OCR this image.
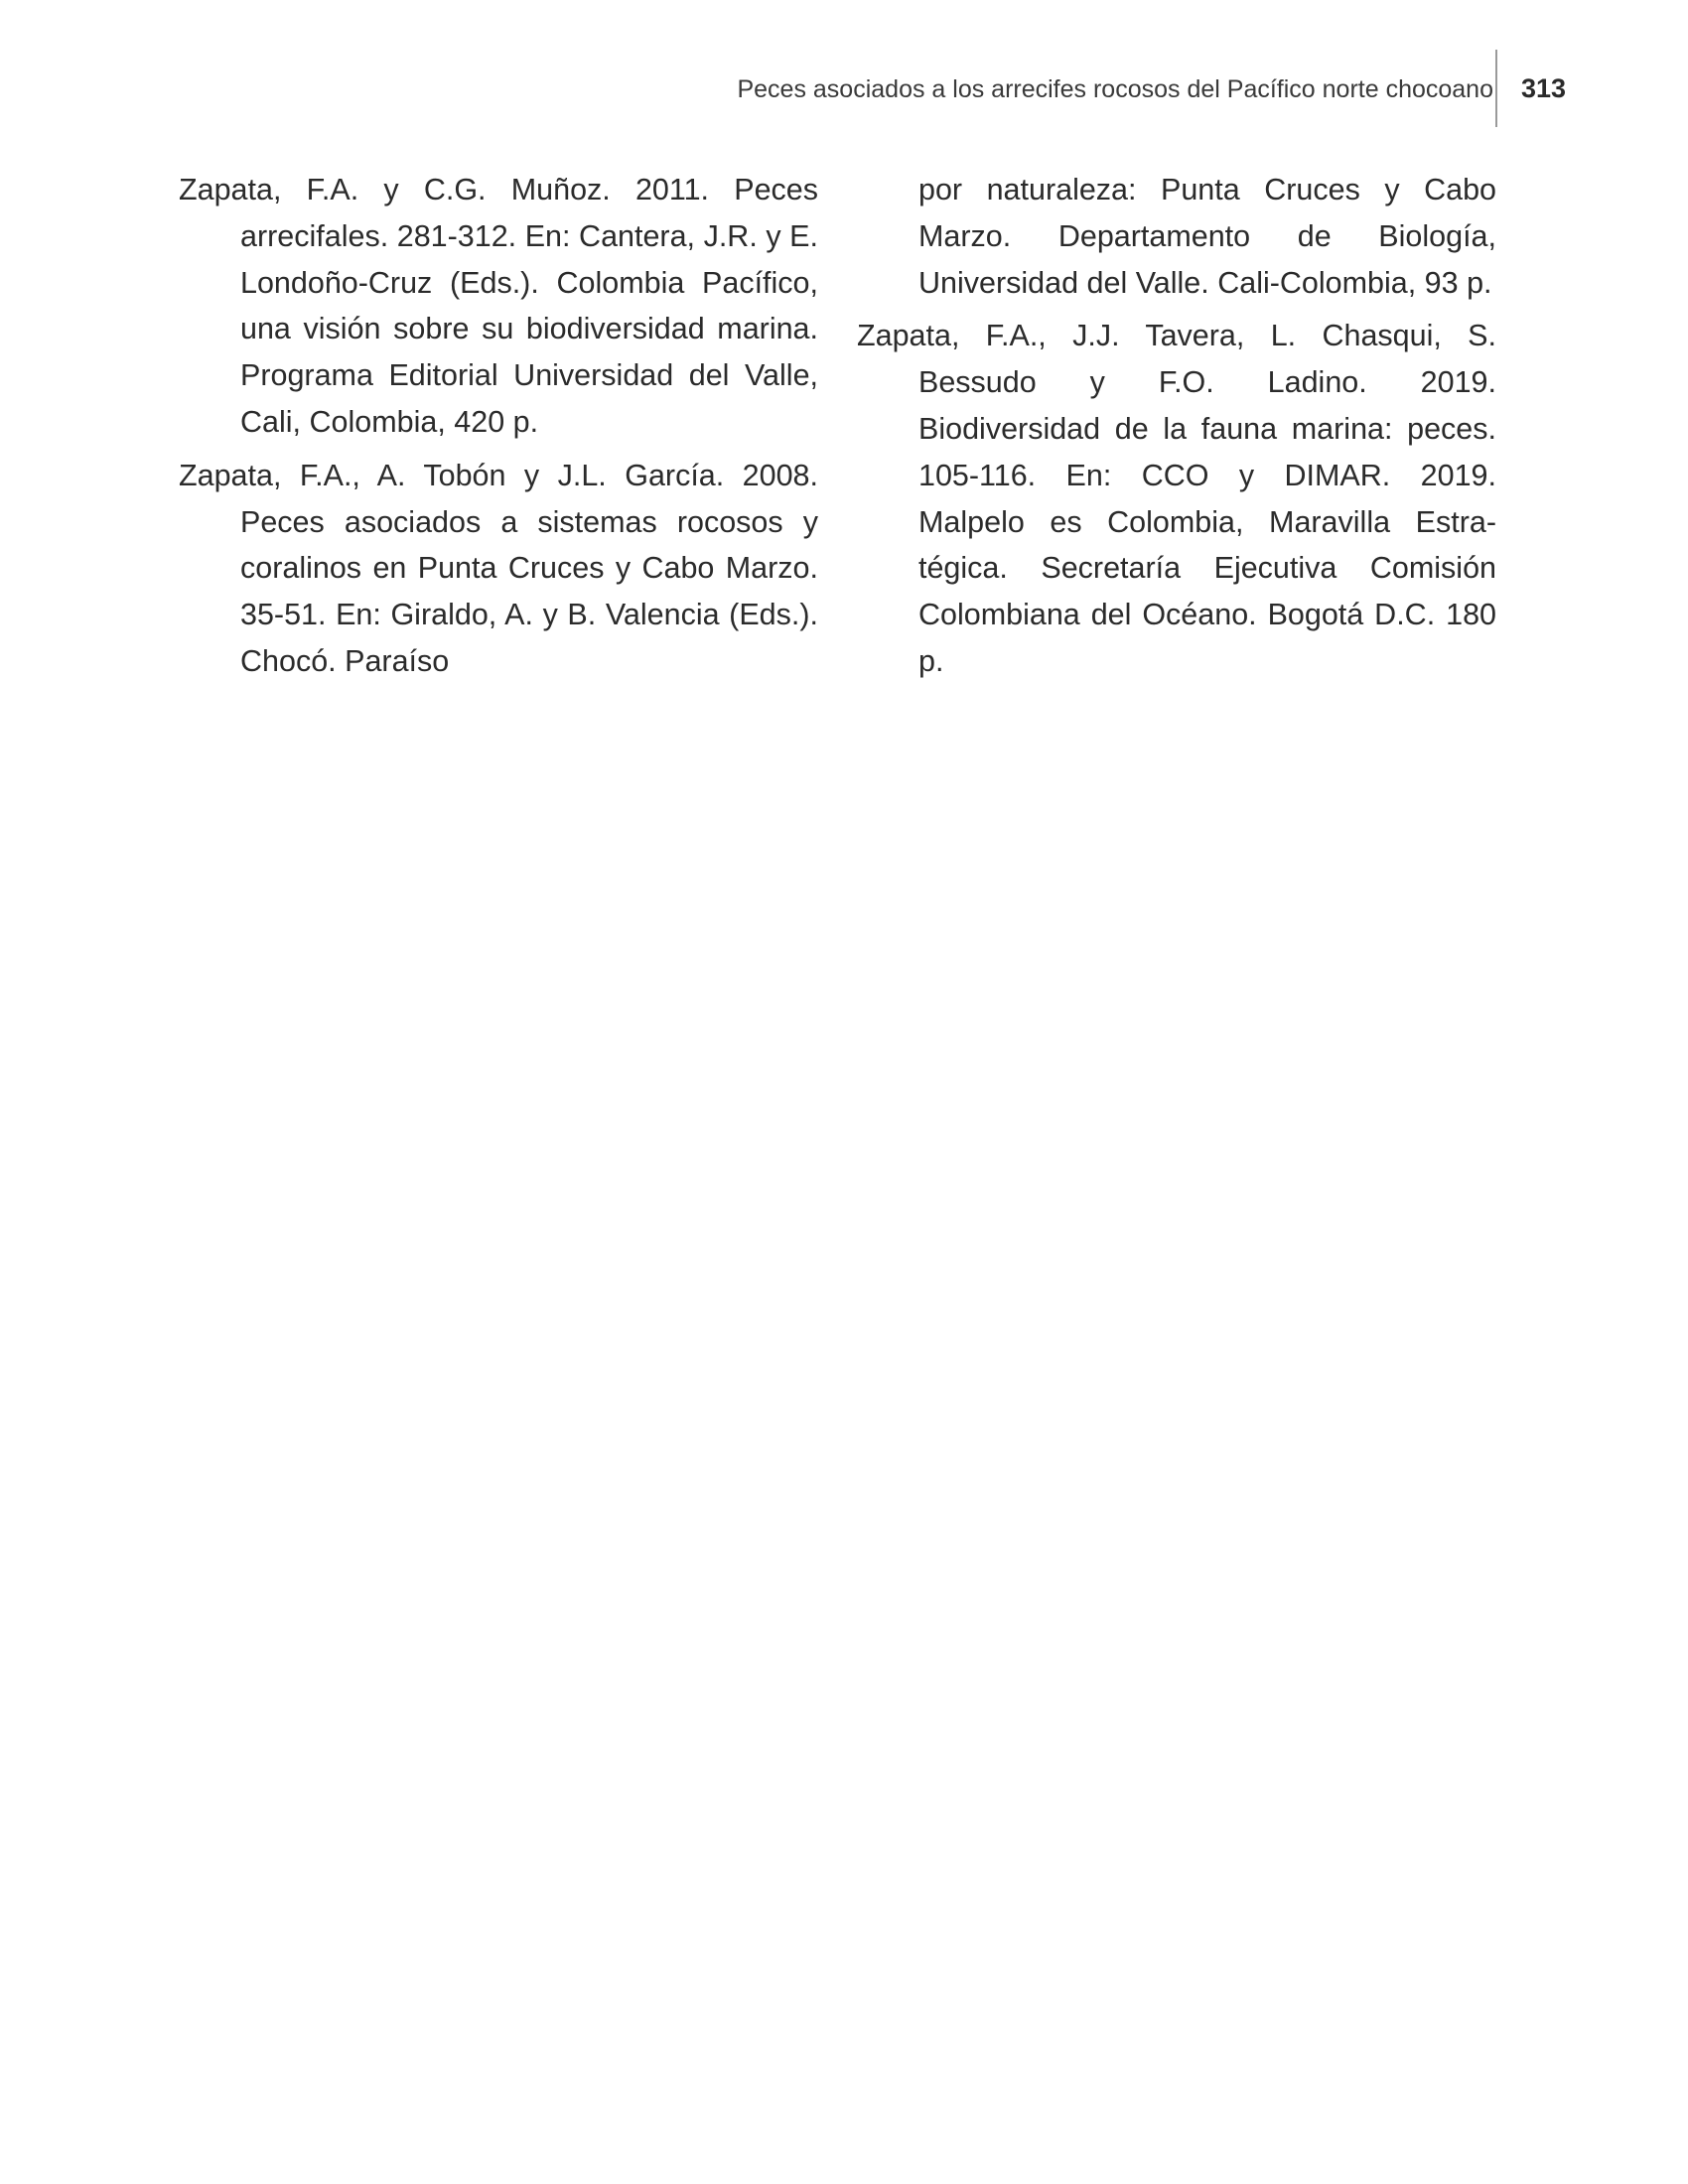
Peces asociados a los arrecifes rocosos del Pacífico norte chocoano 313

Zapata, F.A. y C.G. Muñoz. 2011. Peces arrecifales. 281-312. En: Cantera, J.R. y E. Londoño-Cruz (Eds.). Colombia Pacífico, una visión sobre su biodiversidad marina. Programa Editorial Universidad del Valle, Cali, Colombia, 420 p.

Zapata, F.A., A. Tobón y J.L. García. 2008. Peces asociados a sistemas rocosos y coralinos en Punta Cruces y Cabo Marzo. 35-51. En: Giraldo, A. y B. Valencia (Eds.). Chocó. Paraíso

por naturaleza: Punta Cruces y Cabo Marzo. Departamento de Biología, Universidad del Valle. Cali-Colombia, 93 p.

Zapata, F.A., J.J. Tavera, L. Chasqui, S. Bessudo y F.O. Ladino. 2019. Biodiversidad de la fauna marina: peces. 105-116. En: CCO y DIMAR. 2019. Malpelo es Colombia, Maravilla Estratégica. Secretaría Ejecutiva Comisión Colombiana del Océano. Bogotá D.C. 180 p.
